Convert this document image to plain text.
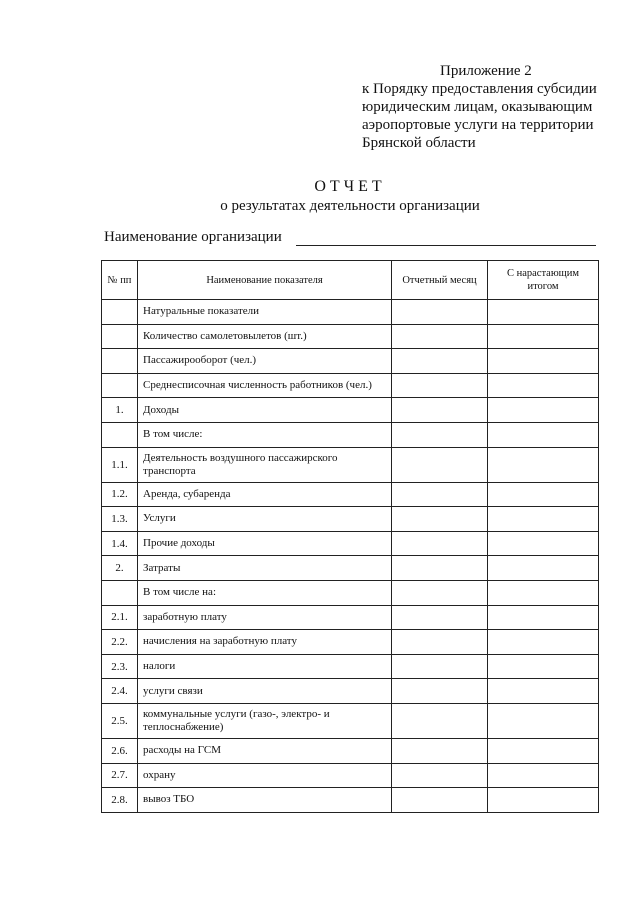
Приложение 2
к Порядку предоставления субсидии
юридическим лицам, оказывающим
аэропортовые услуги на территории
Брянской области
ОТЧЕТ
о результатах деятельности организации
Наименование организации
№ пп	Наименование показателя	Отчетный месяц	С нарастающим итогом
	Натуральные показатели		
	Количество самолетовылетов (шт.)		
	Пассажирооборот (чел.)		
	Среднесписочная численность работников (чел.)		
1.	Доходы		
	В том числе:		
1.1.	Деятельность воздушного пассажирского транспорта		
1.2.	Аренда, субаренда		
1.3.	Услуги		
1.4.	Прочие доходы		
2.	Затраты		
	В том числе на:		
2.1.	заработную плату		
2.2.	начисления на заработную плату		
2.3.	налоги		
2.4.	услуги связи		
2.5.	коммунальные услуги (газо-, электро- и теплоснабжение)		
2.6.	расходы на ГСМ		
2.7.	охрану		
2.8.	вывоз ТБО		
